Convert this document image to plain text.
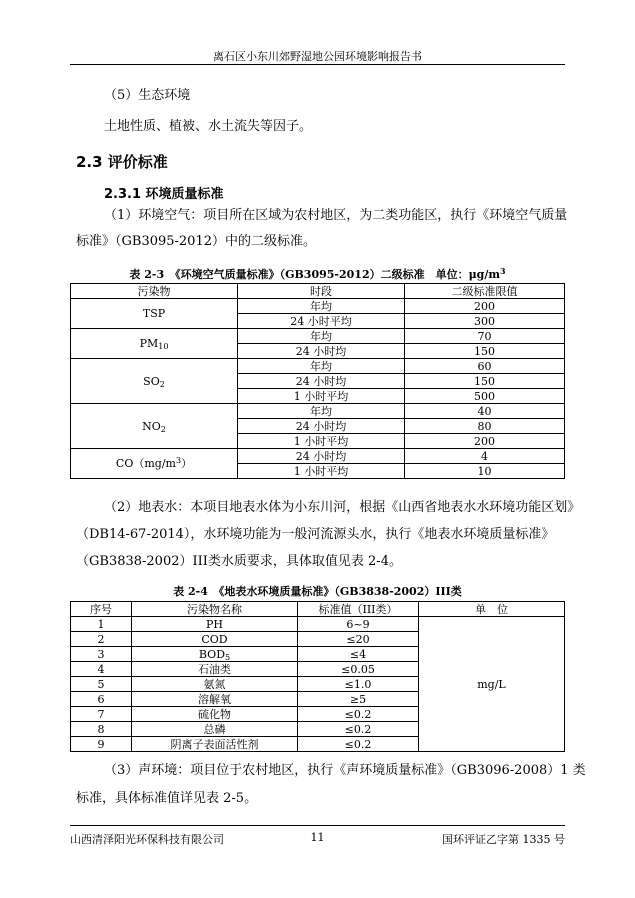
离石区小东川郊野湿地公园环境影响报告书
（5）生态环境
土地性质、植被、水土流失等因子。
2.3 评价标准
2.3.1 环境质量标准
（1）环境空气：项目所在区域为农村地区，为二类功能区，执行《环境空气质量
标准》（GB3095-2012）中的二级标准。
表 2-3　《环境空气质量标准》（GB3095-2012）二级标准　单位：$\mu g/m^3$
污染物	时段	二级标准限值
TSP	年均	200
	24 小时平均	300
$PM_{10}$	年均	70
	24 小时均	150
$SO_2$	年均	60
	24 小时均	150
	1 小时平均	500
$NO_2$	年均	40
	24 小时均	80
	1 小时平均	200
$CO(mg/m^3)$	24 小时均	4
	1 小时平均	10
（2）地表水：本项目地表水体为小东川河，根据《山西省地表水水环境功能区划》
（DB14-67-2014），水环境功能为一般河流源头水，执行《地表水环境质量标准》
（GB3838-2002）III类水质要求，具体取值见表 2-4。
表 2-4　《地表水环境质量标准》（GB3838-2002）III类
序号	污染物名称	标准值（III类）	单　位
1	PH	6~9	mg/L
2	COD	≤20	
3	$BOD_5$	≤4	
4	石油类	≤0.05	
5	氨氮	≤1.0	
6	溶解氧	≥5	
7	硫化物	≤0.2	
8	总磷	≤0.2	
9	阴离子表面活性剂	≤0.2	
（3）声环境：项目位于农村地区，执行《声环境质量标准》（GB3096-2008）1 类
标准，具体标准值详见表 2-5。
山西清泽阳光环保科技有限公司	11	国环评证乙字第 1335 号
